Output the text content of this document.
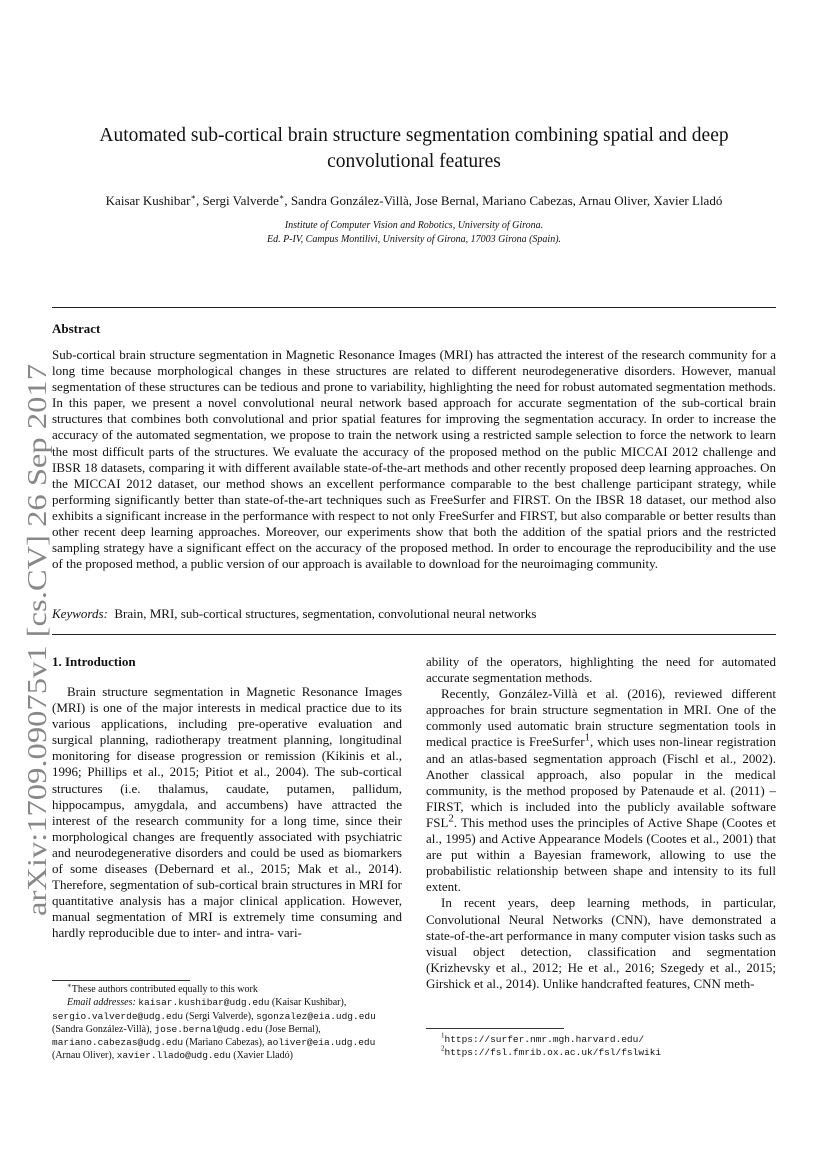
arXiv:1709.09075v1 [cs.CV] 26 Sep 2017
Automated sub-cortical brain structure segmentation combining spatial and deep
convolutional features
Kaisar Kushibar∗, Sergi Valverde∗, Sandra González-Villà, Jose Bernal, Mariano Cabezas, Arnau Oliver, Xavier Lladó
Institute of Computer Vision and Robotics, University of Girona.
Ed. P-IV, Campus Montilivi, University of Girona, 17003 Girona (Spain).
Abstract
Sub-cortical brain structure segmentation in Magnetic Resonance Images (MRI) has attracted the interest of the research community for a long time because morphological changes in these structures are related to different neurodegenerative disorders. However, manual segmentation of these structures can be tedious and prone to variability, highlighting the need for robust automated segmentation methods. In this paper, we present a novel convolutional neural network based approach for accurate segmentation of the sub-cortical brain structures that combines both convolutional and prior spatial features for improving the segmentation accuracy. In order to increase the accuracy of the automated segmentation, we propose to train the network using a restricted sample selection to force the network to learn the most difficult parts of the structures. We evaluate the accuracy of the proposed method on the public MICCAI 2012 challenge and IBSR 18 datasets, comparing it with different available state-of-the-art methods and other recently proposed deep learning approaches. On the MICCAI 2012 dataset, our method shows an excellent performance comparable to the best challenge participant strategy, while performing significantly better than state-of-the-art techniques such as FreeSurfer and FIRST. On the IBSR 18 dataset, our method also exhibits a significant increase in the performance with respect to not only FreeSurfer and FIRST, but also comparable or better results than other recent deep learning approaches. Moreover, our experiments show that both the addition of the spatial priors and the restricted sampling strategy have a significant effect on the accuracy of the proposed method. In order to encourage the reproducibility and the use of the proposed method, a public version of our approach is available to download for the neuroimaging community.
Keywords: Brain, MRI, sub-cortical structures, segmentation, convolutional neural networks
1. Introduction

Brain structure segmentation in Magnetic Resonance Images (MRI) is one of the major interests in medical practice due to its various applications, including pre-operative evaluation and surgical planning, radiotherapy treatment planning, longitudinal monitoring for disease progression or remission (Kikinis et al., 1996; Phillips et al., 2015; Pitiot et al., 2004). The sub-cortical structures (i.e. thalamus, caudate, putamen, pallidum, hippocampus, amygdala, and accumbens) have attracted the interest of the research community for a long time, since their morphological changes are frequently associated with psychiatric and neurodegenerative disorders and could be used as biomarkers of some diseases (Debernard et al., 2015; Mak et al., 2014). Therefore, segmentation of sub-cortical brain structures in MRI for quantitative analysis has a major clinical application. However, manual segmentation of MRI is extremely time consuming and hardly reproducible due to inter- and intra- vari-

∗These authors contributed equally to this work
Email addresses: kaisar.kushibar@udg.edu (Kaisar Kushibar),
sergio.valverde@udg.edu (Sergi Valverde), sgonzalez@eia.udg.edu
(Sandra González-Villà), jose.bernal@udg.edu (Jose Bernal),
mariano.cabezas@udg.edu (Mariano Cabezas), aoliver@eia.udg.edu
(Arnau Oliver), xavier.llado@udg.edu (Xavier Lladó)

ability of the operators, highlighting the need for automated accurate segmentation methods.

Recently, González-Villà et al. (2016), reviewed different approaches for brain structure segmentation in MRI. One of the commonly used automatic brain structure segmentation tools in medical practice is FreeSurfer$^1$, which uses non-linear registration and an atlas-based segmentation approach (Fischl et al., 2002). Another classical approach, also popular in the medical community, is the method proposed by Patenaude et al. (2011) – FIRST, which is included into the publicly available software FSL$^2$. This method uses the principles of Active Shape (Cootes et al., 1995) and Active Appearance Models (Cootes et al., 2001) that are put within a Bayesian framework, allowing to use the probabilistic relationship between shape and intensity to its full extent.

In recent years, deep learning methods, in particular, Convolutional Neural Networks (CNN), have demonstrated a state-of-the-art performance in many computer vision tasks such as visual object detection, classification and segmentation (Krizhevsky et al., 2012; He et al., 2016; Szegedy et al., 2015; Girshick et al., 2014). Unlike handcrafted features, CNN meth-

$^1$https://surfer.nmr.mgh.harvard.edu/
$^2$https://fsl.fmrib.ox.ac.uk/fsl/fslwiki
